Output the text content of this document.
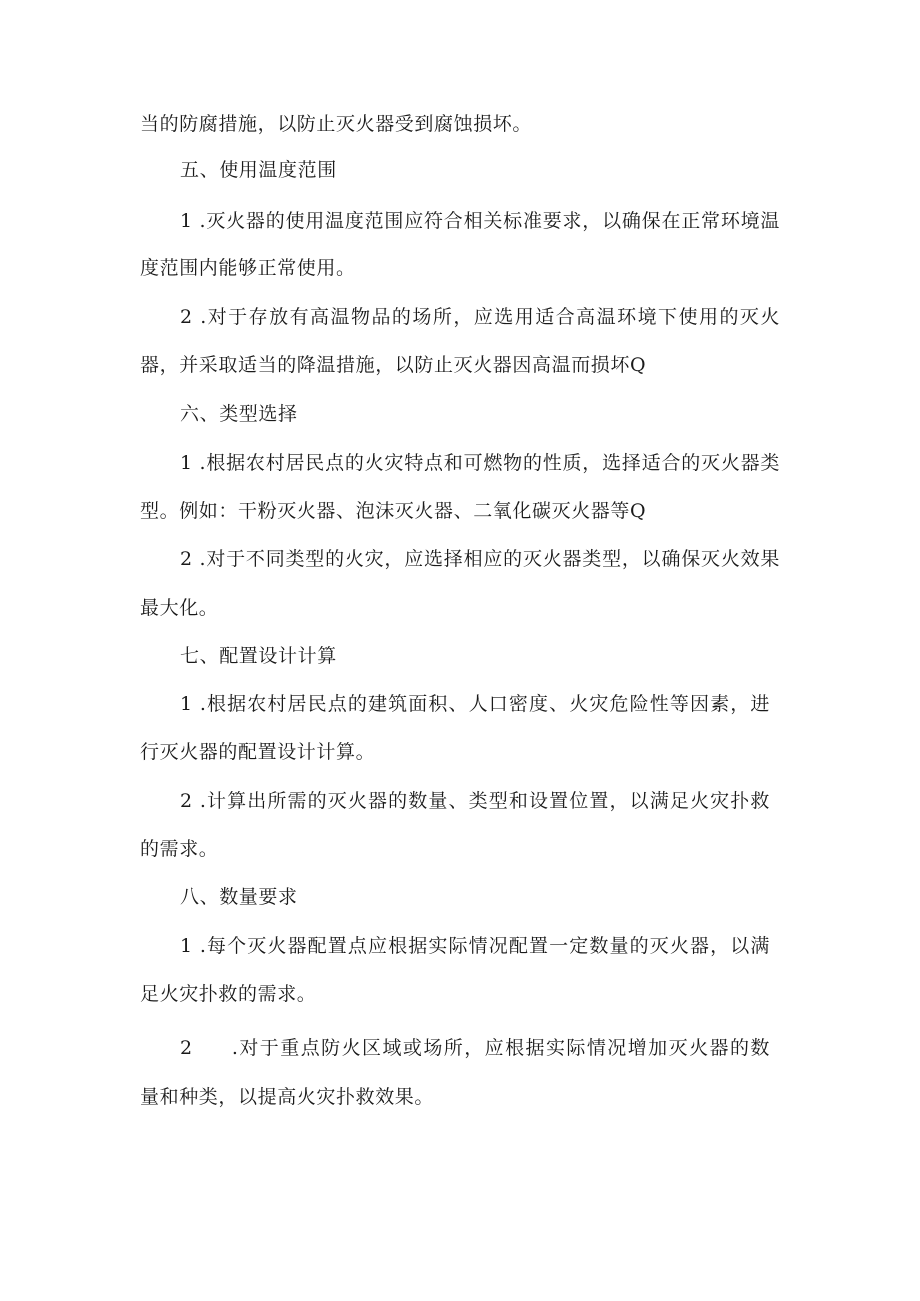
当的防腐措施，以防止灭火器受到腐蚀损坏。
五、使用温度范围
1 .灭火器的使用温度范围应符合相关标准要求，以确保在正常环境温
度范围内能够正常使用。
2 .对于存放有高温物品的场所，应选用适合高温环境下使用的灭火
器，并采取适当的降温措施，以防止灭火器因高温而损坏Q
六、类型选择
1 .根据农村居民点的火灾特点和可燃物的性质，选择适合的灭火器类
型。例如：干粉灭火器、泡沫灭火器、二氧化碳灭火器等Q
2 .对于不同类型的火灾，应选择相应的灭火器类型，以确保灭火效果
最大化。
七、配置设计计算
1 .根据农村居民点的建筑面积、人口密度、火灾危险性等因素，进
行灭火器的配置设计计算。
2 .计算出所需的灭火器的数量、类型和设置位置，以满足火灾扑救
的需求。
八、数量要求
1 .每个灭火器配置点应根据实际情况配置一定数量的灭火器，以满
足火灾扑救的需求。
2  .对于重点防火区域或场所，应根据实际情况增加灭火器的数
量和种类，以提高火灾扑救效果。
